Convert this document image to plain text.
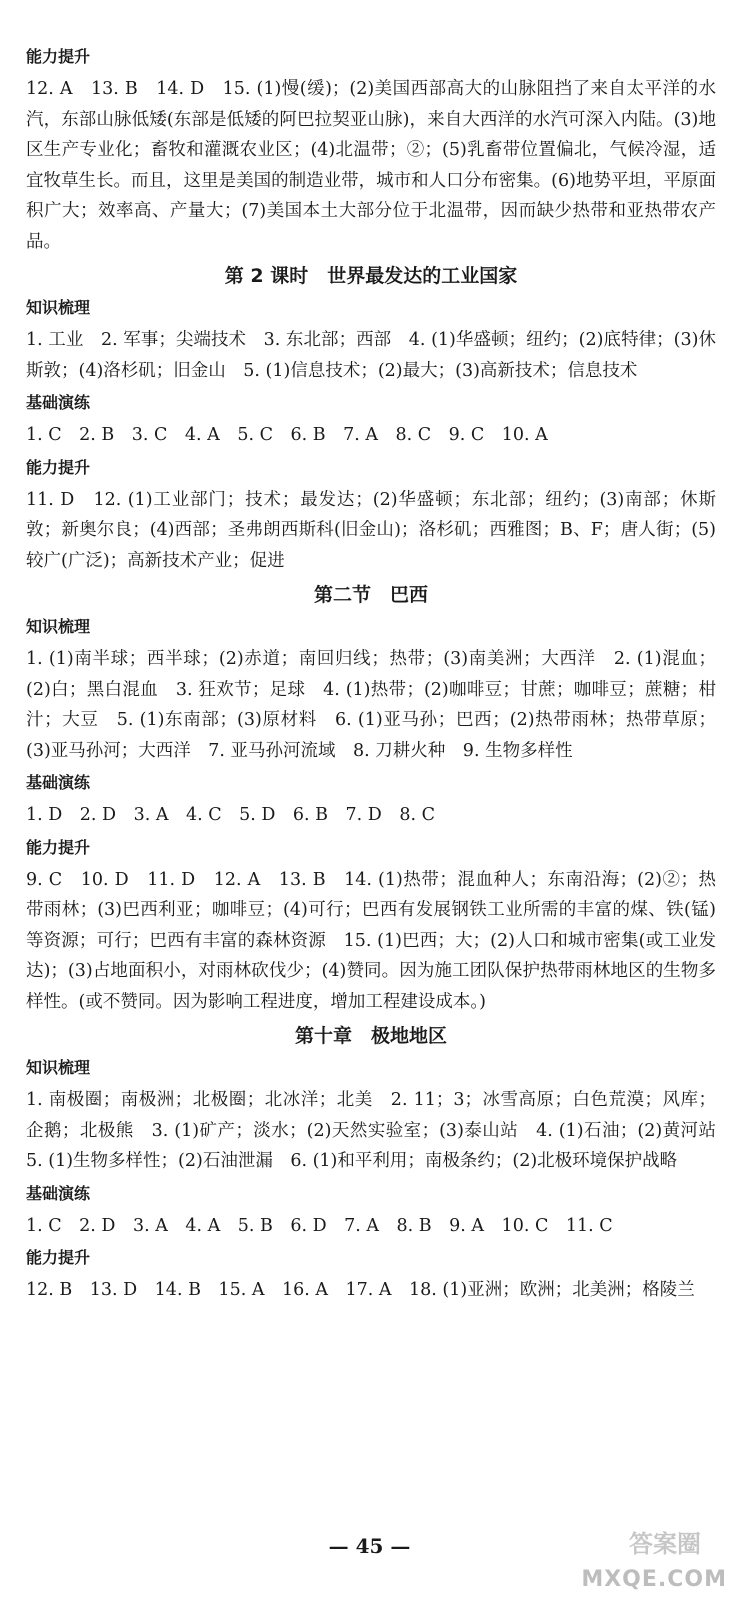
能力提升

12. A　13. B　14. D　15. (1)慢(缓)；(2)美国西部高大的山脉阻挡了来自太平洋的水汽，东部山脉低矮(东部是低矮的阿巴拉契亚山脉)，来自大西洋的水汽可深入内陆。(3)地区生产专业化；畜牧和灌溉农业区；(4)北温带；②；(5)乳畜带位置偏北，气候冷湿，适宜牧草生长。而且，这里是美国的制造业带，城市和人口分布密集。(6)地势平坦，平原面积广大；效率高、产量大；(7)美国本土大部分位于北温带，因而缺少热带和亚热带农产品。

第 2 课时　世界最发达的工业国家
知识梳理

1. 工业　2. 军事；尖端技术　3. 东北部；西部　4. (1)华盛顿；纽约；(2)底特律；(3)休斯敦；(4)洛杉矶；旧金山　5. (1)信息技术；(2)最大；(3)高新技术；信息技术

基础演练

1. C　2. B　3. C　4. A　5. C　6. B　7. A　8. C　9. C　10. A

能力提升

11. D　12. (1)工业部门；技术；最发达；(2)华盛顿；东北部；纽约；(3)南部；休斯敦；新奥尔良；(4)西部；圣弗朗西斯科(旧金山)；洛杉矶；西雅图；B、F；唐人街；(5)较广(广泛)；高新技术产业；促进

第二节　巴西
知识梳理

1. (1)南半球；西半球；(2)赤道；南回归线；热带；(3)南美洲；大西洋　2. (1)混血；(2)白；黑白混血　3. 狂欢节；足球　4. (1)热带；(2)咖啡豆；甘蔗；咖啡豆；蔗糖；柑汁；大豆　5. (1)东南部；(3)原材料　6. (1)亚马孙；巴西；(2)热带雨林；热带草原；(3)亚马孙河；大西洋　7. 亚马孙河流域　8. 刀耕火种　9. 生物多样性

基础演练

1. D　2. D　3. A　4. C　5. D　6. B　7. D　8. C

能力提升

9. C　10. D　11. D　12. A　13. B　14. (1)热带；混血种人；东南沿海；(2)②；热带雨林；(3)巴西利亚；咖啡豆；(4)可行；巴西有发展钢铁工业所需的丰富的煤、铁(锰)等资源；可行；巴西有丰富的森林资源　15. (1)巴西；大；(2)人口和城市密集(或工业发达)；(3)占地面积小，对雨林砍伐少；(4)赞同。因为施工团队保护热带雨林地区的生物多样性。(或不赞同。因为影响工程进度，增加工程建设成本。)

第十章　极地地区
知识梳理

1. 南极圈；南极洲；北极圈；北冰洋；北美　2. 11；3；冰雪高原；白色荒漠；风库；企鹅；北极熊　3. (1)矿产；淡水；(2)天然实验室；(3)泰山站　4. (1)石油；(2)黄河站　5. (1)生物多样性；(2)石油泄漏　6. (1)和平利用；南极条约；(2)北极环境保护战略

基础演练

1. C　2. D　3. A　4. A　5. B　6. D　7. A　8. B　9. A　10. C　11. C

能力提升

12. B　13. D　14. B　15. A　16. A　17. A　18. (1)亚洲；欧洲；北美洲；格陵兰

— 45 —	答案圈
MXQE.COM
